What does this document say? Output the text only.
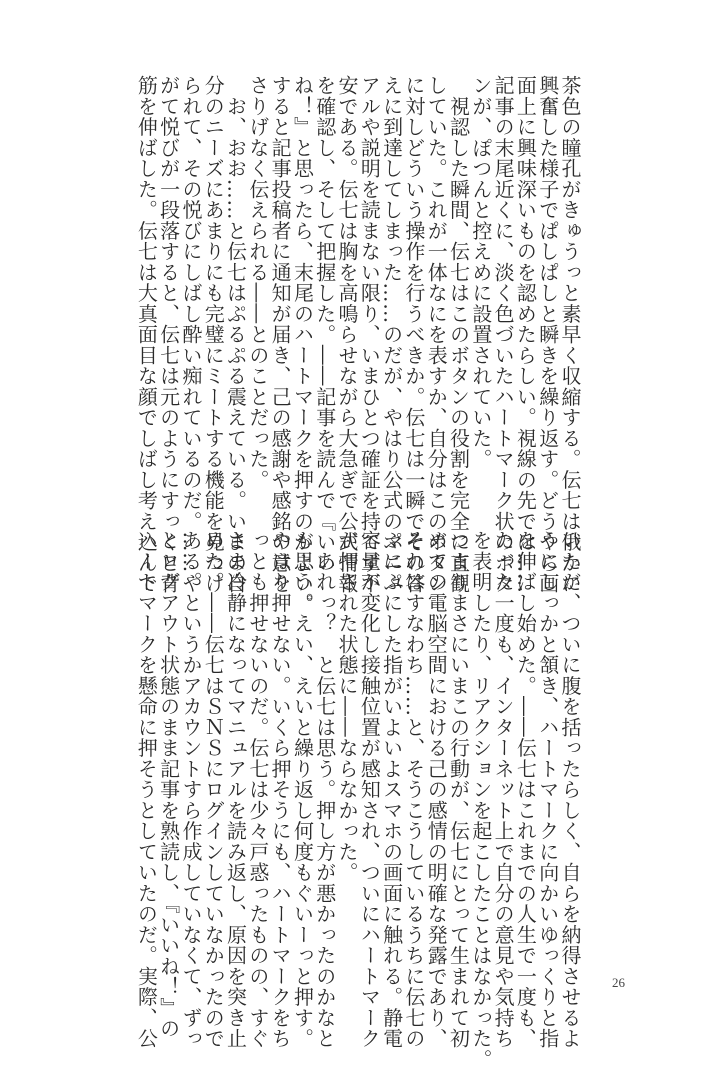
茶色の瞳孔がきゅうっと素早く収縮する。伝七は俄かに
興奮した様子でぱしぱしと瞬きを繰り返す。どうやら画
面上に興味深いものを認めたらしい。視線の先では……
記事の末尾近くに、淡く色づいたハートマーク状のボタ
ンが、ぽつんと控えめに設置されていた。
　視認した瞬間、伝七はこのボタンの役割を完全に直観
していた。これが一体なにを表すか、自分はこのボタン
に対しどういう操作を行うべきか。伝七は一瞬でその答
えに到達してしまった……のだが、やはり公式のマニュ
アルや説明を読まない限り、いまひとつ確証を持てず不
安である。伝七は胸を高鳴らせながら大急ぎで公式情報
を確認し、そして把握した。――記事を読んで『いい
ね！』と思ったら、末尾のハートマークを押すのがよい。
すると記事投稿者に通知が届き、己の感謝や感銘の意を
さりげなく伝えられる――とのことだった。
　お、おお……と伝七はぷるぷる震えている。いまの自
分のニーズにあまりにも完璧にミートする機能を見つけ
られて、その悦びにしばし酔い痴れているのだ。……や
がて悦びが一段落すると、伝七は元のようにすっくと背
筋を伸ばした。伝七は大真面目な顔でしばし考え込んで
いたが、ついに腹を括ったらしく、自らを納得させるよ
うにしっかと頷き、ハートマークに向かいゆっくりと指
を伸ばし始めた。――伝七はこれまでの人生で一度も、
たった一度も、インターネット上で自分の意見や気持ち
を表明したり、リアクションを起こしたことはなかった。
つまりまさにいまこの行動が、伝七にとって生まれて初
めての電脳空間における己の感情の明確な発露であり、
それはすなわち……と、そうこうしているうちに伝七の
ぷにぷにした指がいよいよスマホの画面に触れる。静電
容量が変化し接触位置が感知され、ついにハートマーク
が押された状態に――ならなかった。
　あれっ？　と伝七は思う。押し方が悪かったのかなと
も思う。えい、えいと繰り返し何度もぐいーっと押す。
やはり押せない。いくら押そうにも、ハートマークをち
っとも押せないのだ。伝七は少々戸惑ったものの、すぐ
さま冷静になってマニュアルを読み返し、原因を突き止
めた。――伝七はＳＮＳにログインしていなかったので
ある。というかアカウントすら作成していなくて、ずっ
とログアウト状態のまま記事を熟読し、『いいね！』の
ハートマークを懸命に押そうとしていたのだ。実際、公	26
